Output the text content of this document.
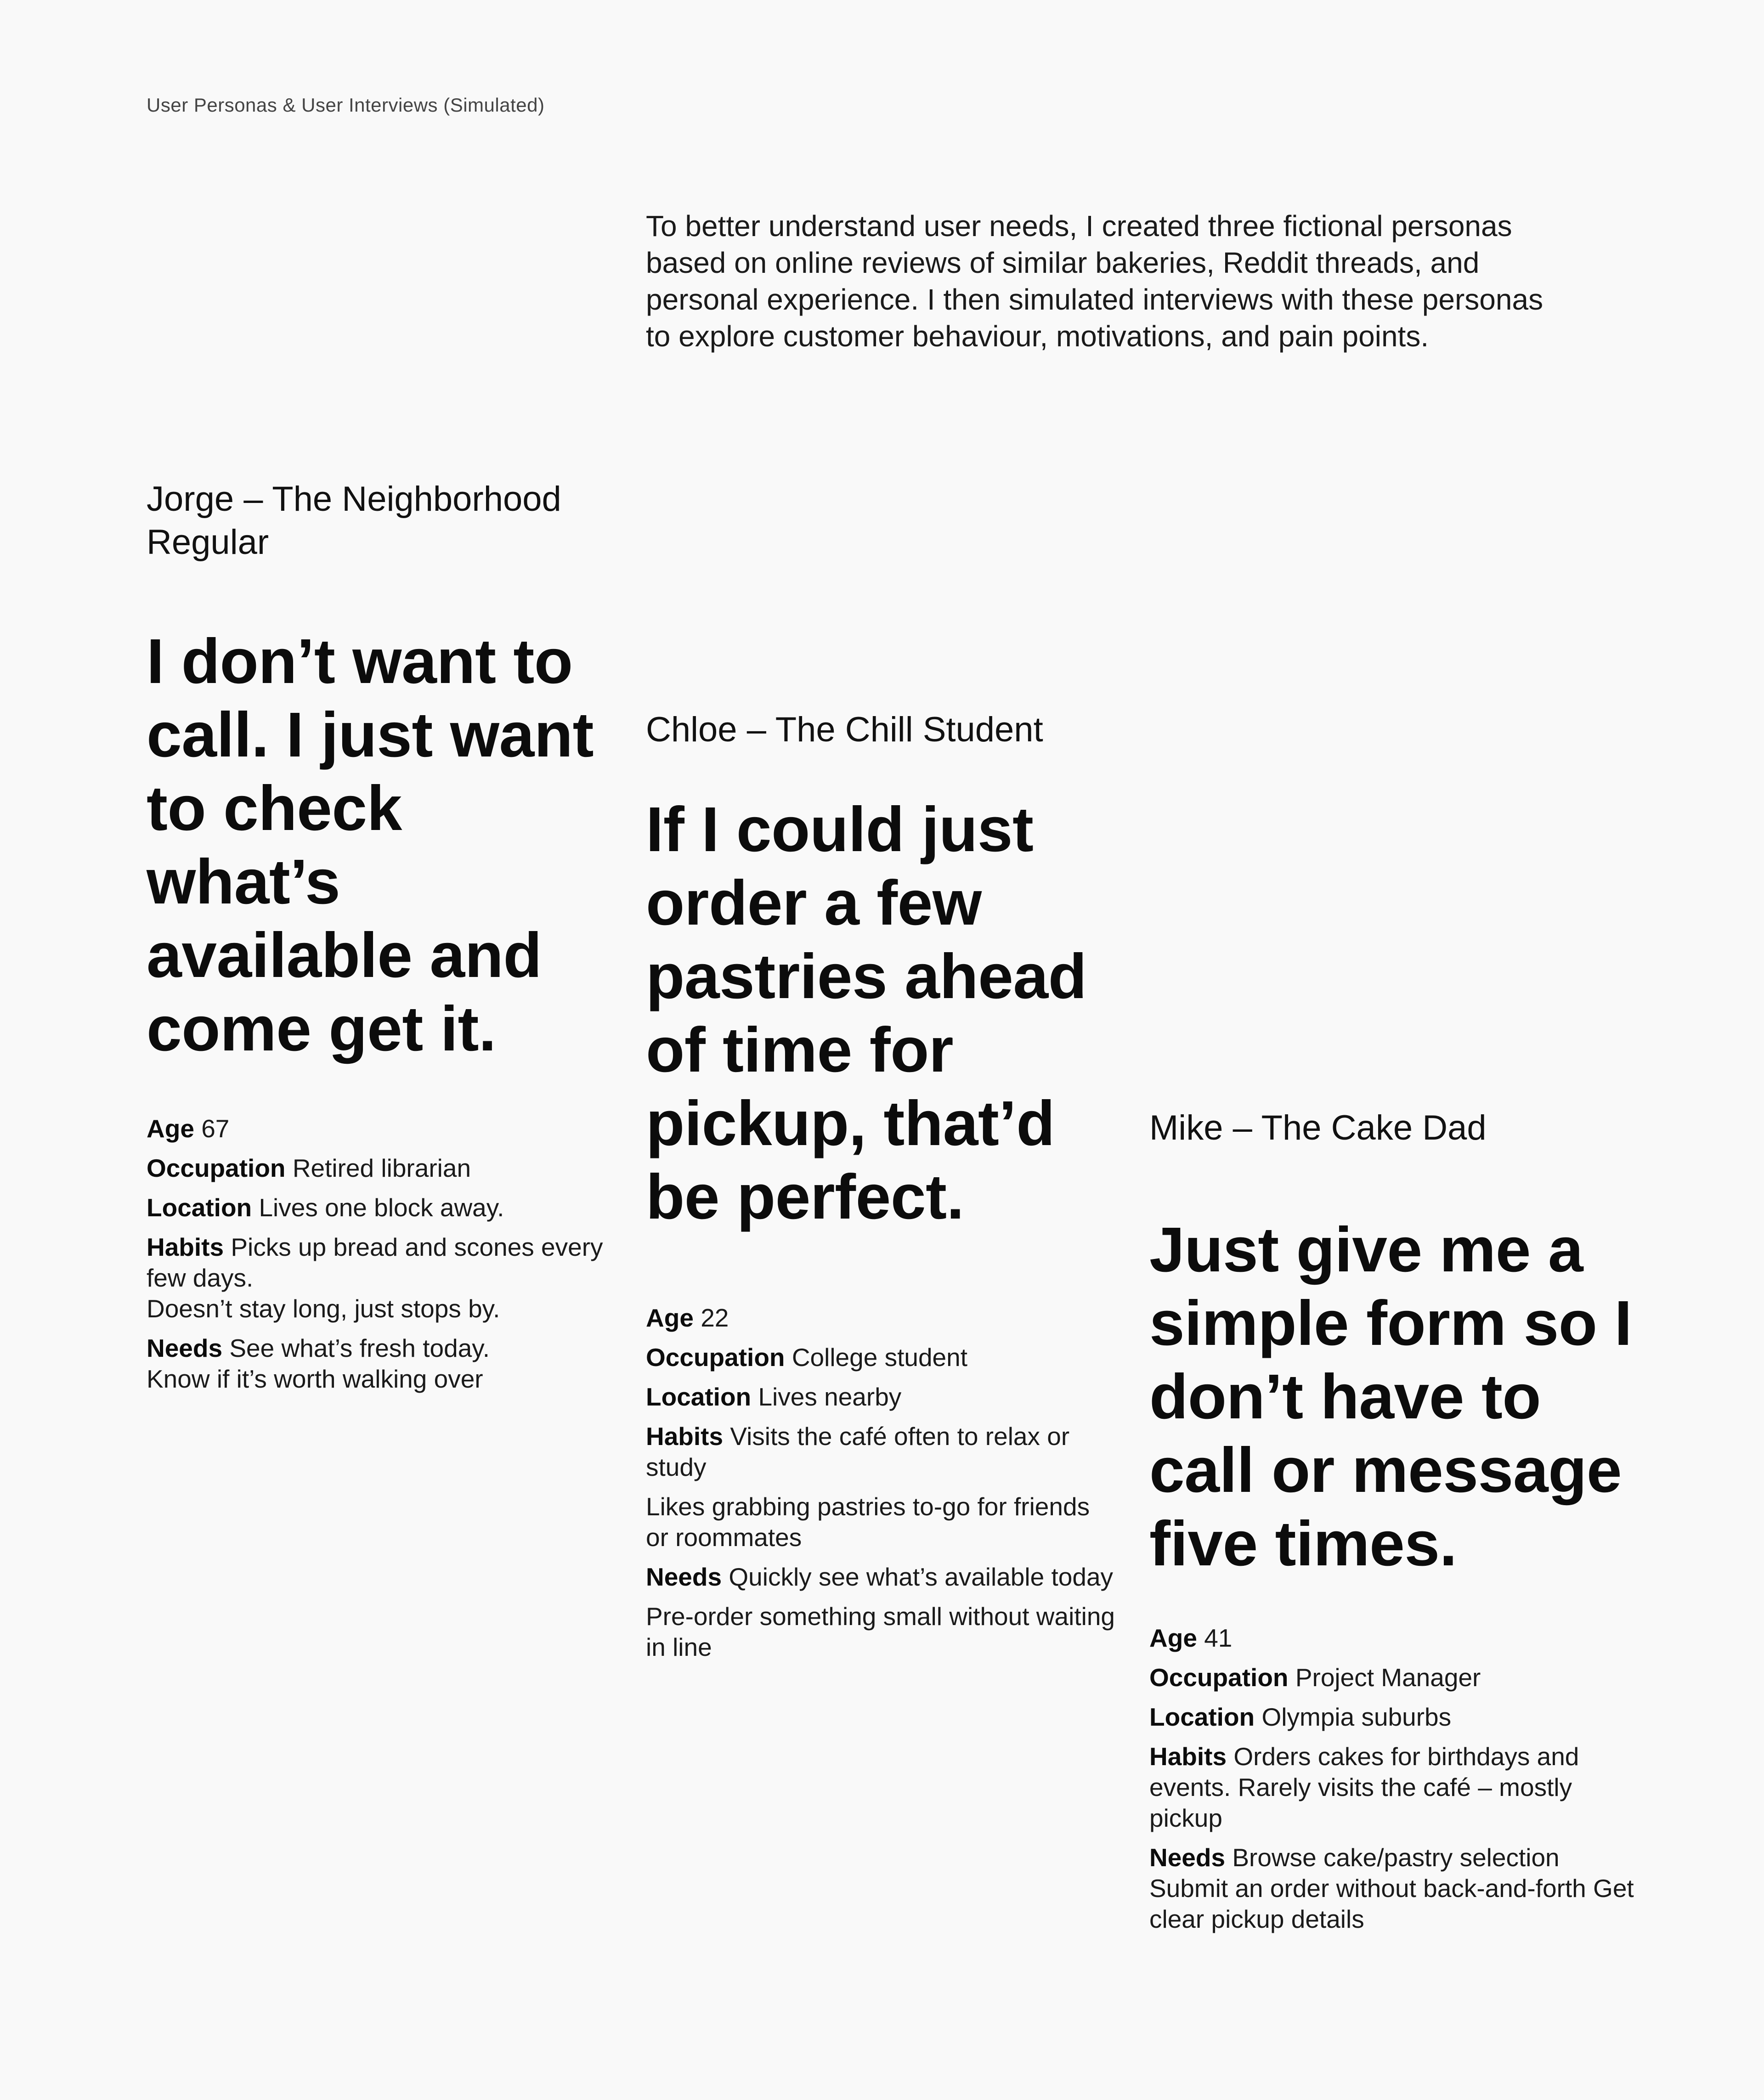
User Personas & User Interviews (Simulated)

To better understand user needs, I created three fictional personas based on online reviews of similar bakeries, Reddit threads, and personal experience. I then simulated interviews with these personas to explore customer behaviour, motivations, and pain points.

Jorge – The Neighborhood Regular

I don’t want to call. I just want to check what’s available and come get it.

Age 67
Occupation Retired librarian
Location Lives one block away.
Habits Picks up bread and scones every few days.
Doesn’t stay long, just stops by.
Needs See what’s fresh today.
Know if it’s worth walking over
Chloe – The Chill Student

If I could just order a few pastries ahead of time for pickup, that’d be perfect.

Age 22
Occupation College student
Location Lives nearby
Habits Visits the café often to relax or study
Likes grabbing pastries to-go for friends or roommates
Needs Quickly see what’s available today
Pre-order something small without waiting in line
Mike – The Cake Dad

Just give me a simple form so I don’t have to call or message five times.

Age 41
Occupation Project Manager
Location Olympia suburbs
Habits Orders cakes for birthdays and events. Rarely visits the café – mostly pickup
Needs Browse cake/pastry selection Submit an order without back-and-forth Get clear pickup details
